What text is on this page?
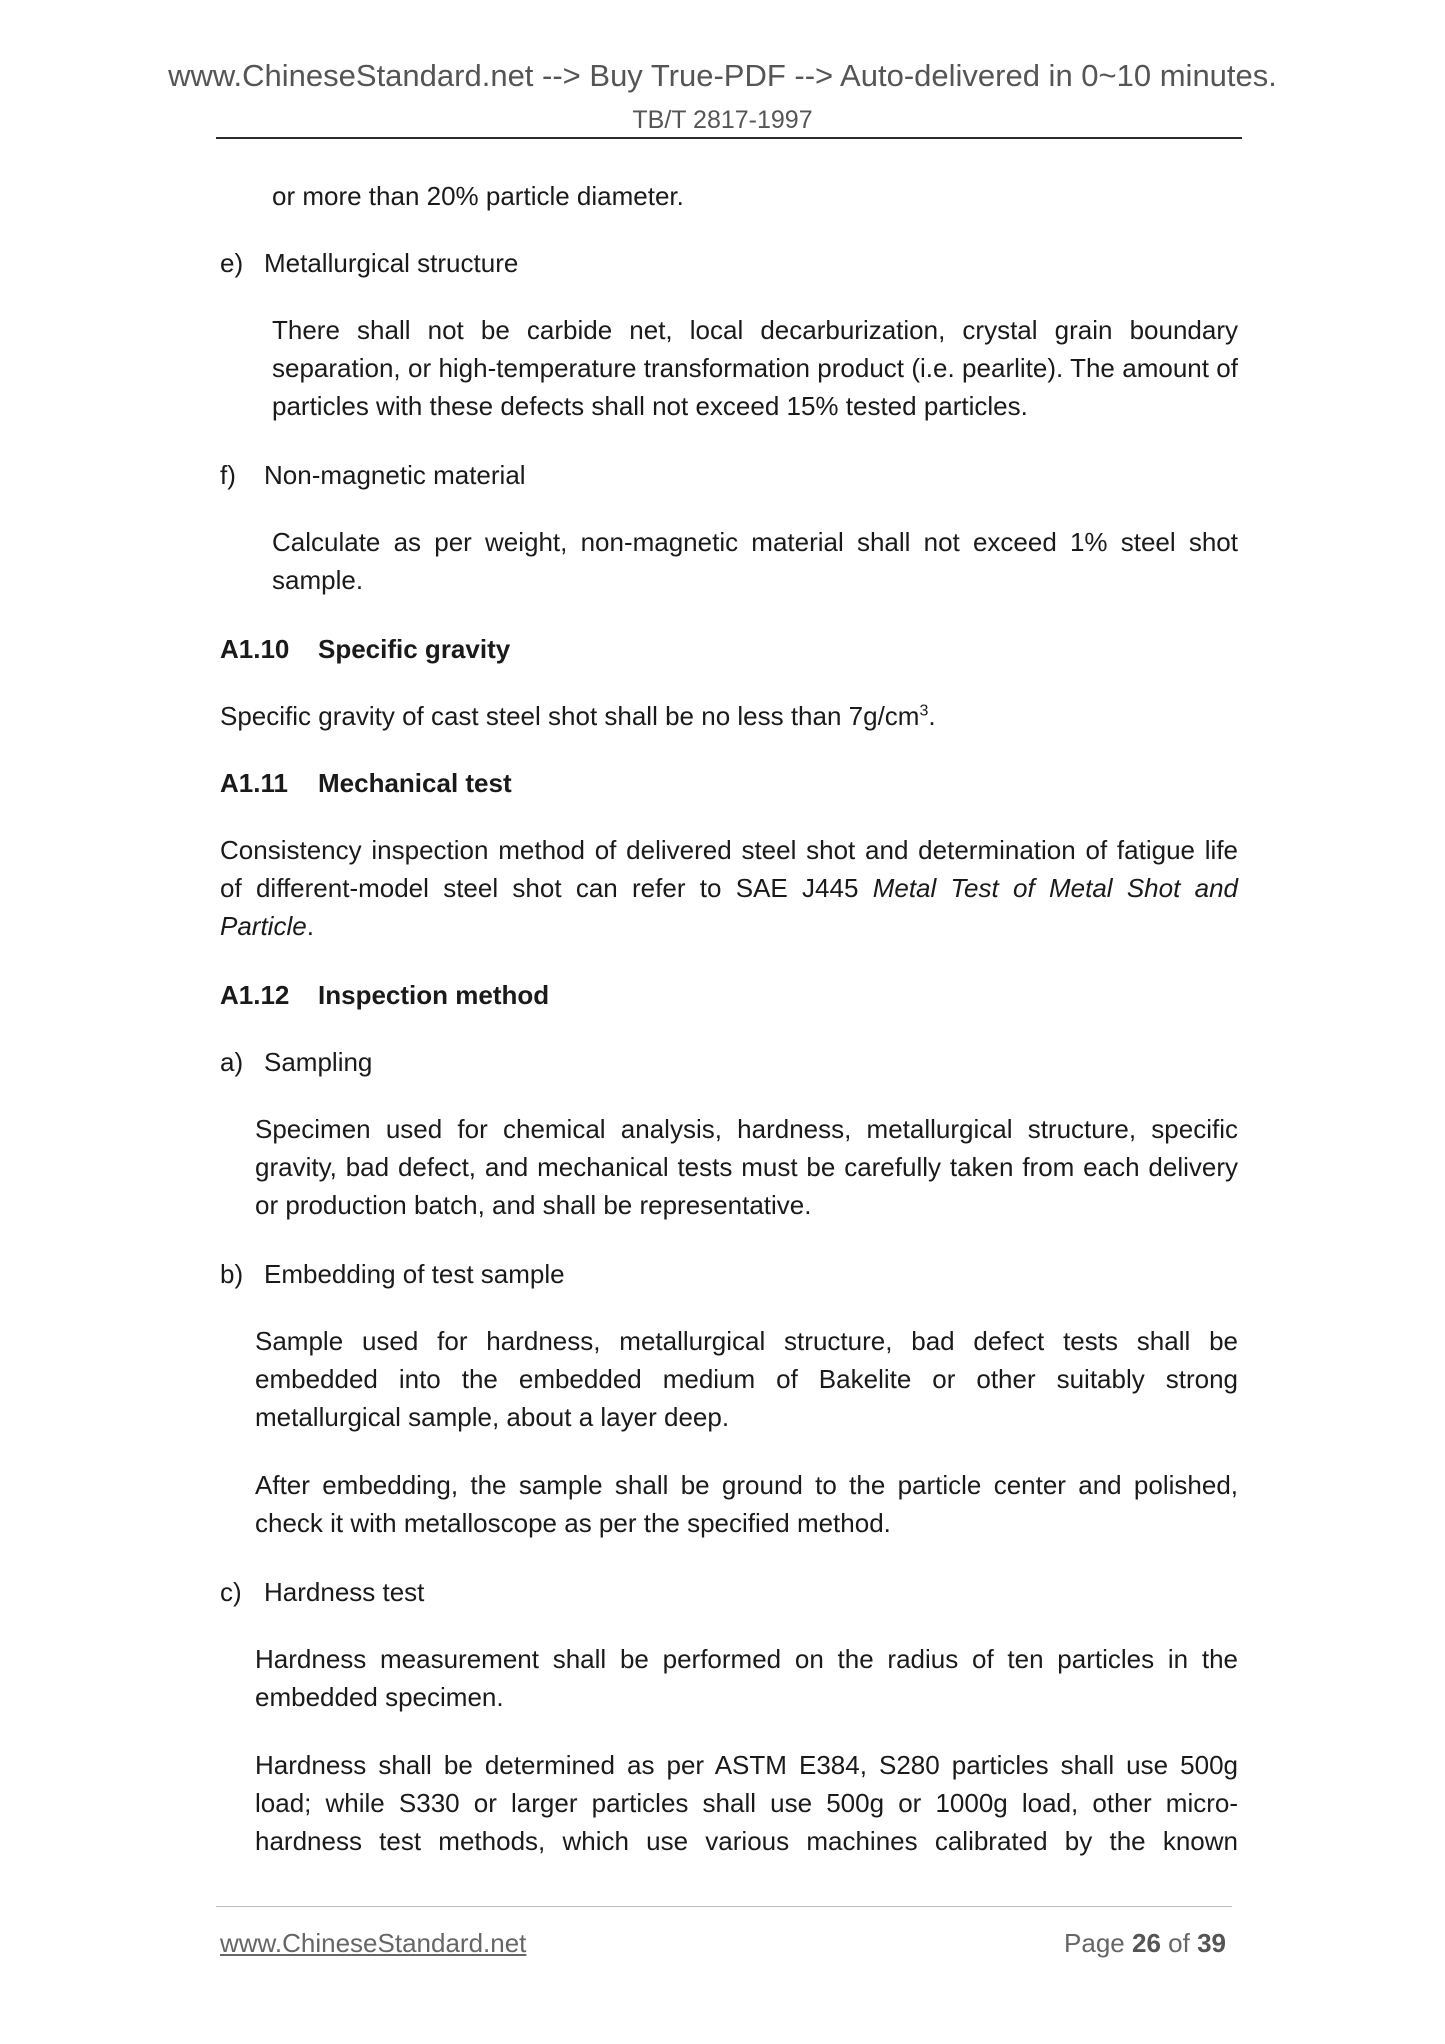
www.ChineseStandard.net --> Buy True-PDF --> Auto-delivered in 0~10 minutes.
TB/T 2817-1997
or more than 20% particle diameter.
e) Metallurgical structure
There shall not be carbide net, local decarburization, crystal grain boundary separation, or high-temperature transformation product (i.e. pearlite). The amount of particles with these defects shall not exceed 15% tested particles.
f) Non-magnetic material
Calculate as per weight, non-magnetic material shall not exceed 1% steel shot sample.
A1.10 Specific gravity
Specific gravity of cast steel shot shall be no less than $7g/cm^3$.
A1.11 Mechanical test
Consistency inspection method of delivered steel shot and determination of fatigue life of different-model steel shot can refer to SAE J445 Metal Test of Metal Shot and Particle.
A1.12 Inspection method
a) Sampling
Specimen used for chemical analysis, hardness, metallurgical structure, specific gravity, bad defect, and mechanical tests must be carefully taken from each delivery or production batch, and shall be representative.
b) Embedding of test sample
Sample used for hardness, metallurgical structure, bad defect tests shall be embedded into the embedded medium of Bakelite or other suitably strong metallurgical sample, about a layer deep.
After embedding, the sample shall be ground to the particle center and polished, check it with metalloscope as per the specified method.
c) Hardness test
Hardness measurement shall be performed on the radius of ten particles in the embedded specimen.
Hardness shall be determined as per ASTM E384, S280 particles shall use 500g load; while S330 or larger particles shall use 500g or 1000g load, other micro-hardness test methods, which use various machines calibrated by the known
www.ChineseStandard.net	Page 26 of 39
